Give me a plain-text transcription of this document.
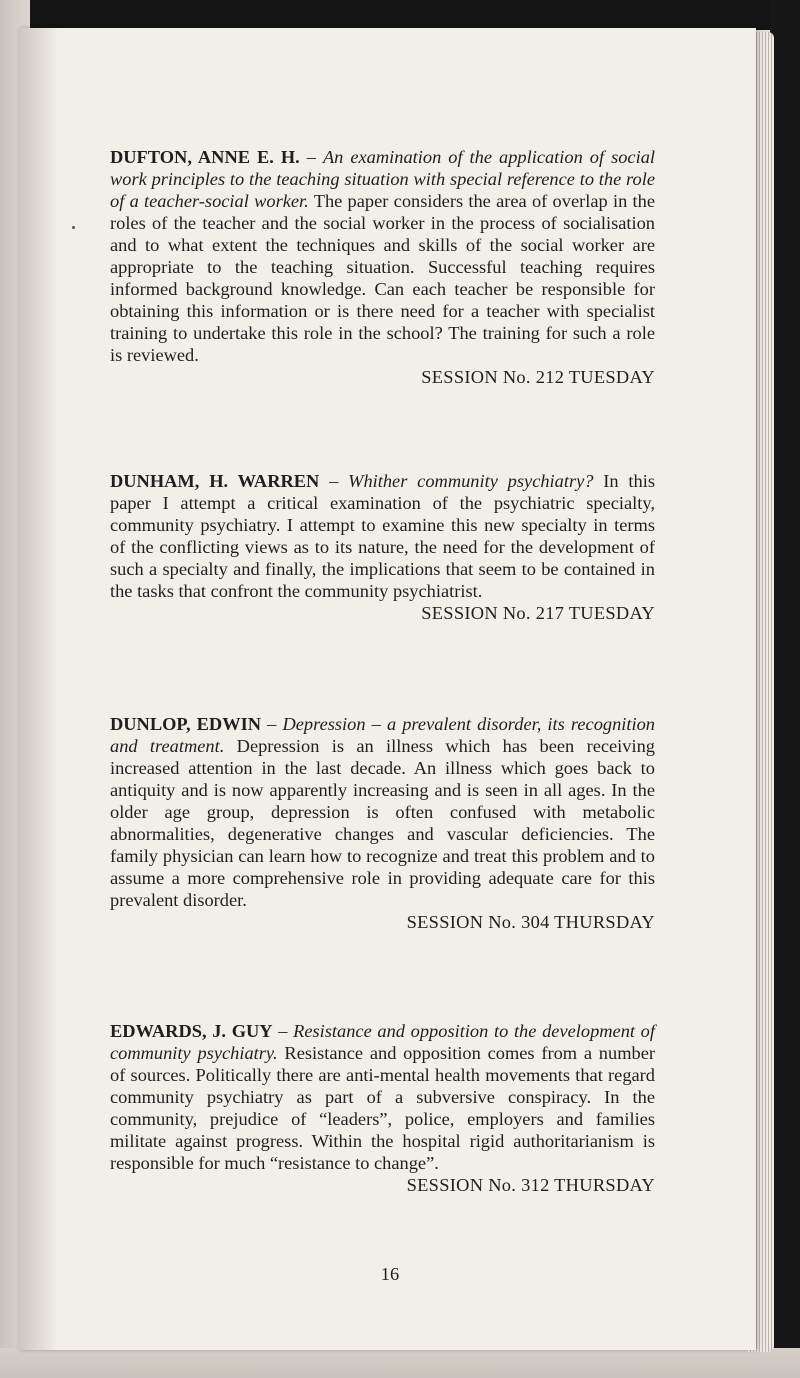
DUFTON, ANNE E. H. – An examination of the application of social work principles to the teaching situation with special reference to the role of a teacher-social worker. The paper considers the area of overlap in the roles of the teacher and the social worker in the process of socialisation and to what extent the techniques and skills of the social worker are appropriate to the teaching situation. Successful teaching requires informed background knowledge. Can each teacher be responsible for obtaining this information or is there need for a teacher with specialist training to undertake this role in the school? The training for such a role is reviewed.
SESSION No. 212 TUESDAY
DUNHAM, H. WARREN – Whither community psychiatry? In this paper I attempt a critical examination of the psychiatric specialty, community psychiatry. I attempt to examine this new specialty in terms of the conflicting views as to its nature, the need for the development of such a specialty and finally, the implications that seem to be contained in the tasks that confront the community psychiatrist.
SESSION No. 217 TUESDAY
DUNLOP, EDWIN – Depression – a prevalent disorder, its recognition and treatment. Depression is an illness which has been receiving increased attention in the last decade. An illness which goes back to antiquity and is now apparently increasing and is seen in all ages. In the older age group, depression is often confused with metabolic abnormalities, degenerative changes and vascular deficiencies. The family physician can learn how to recognize and treat this problem and to assume a more comprehensive role in providing adequate care for this prevalent disorder.
SESSION No. 304 THURSDAY
EDWARDS, J. GUY – Resistance and opposition to the development of community psychiatry. Resistance and opposition comes from a number of sources. Politically there are anti-mental health movements that regard community psychiatry as part of a subversive conspiracy. In the community, prejudice of “leaders”, police, employers and families militate against progress. Within the hospital rigid authoritarianism is responsible for much “resistance to change”.
SESSION No. 312 THURSDAY
16
